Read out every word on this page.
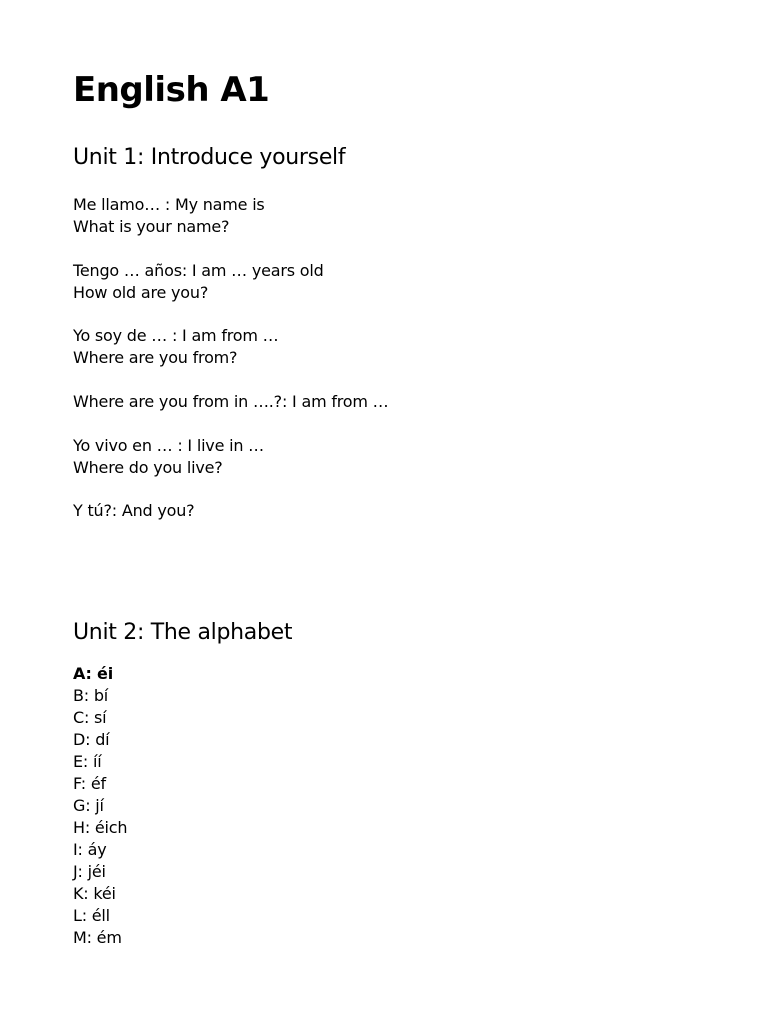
English A1
Unit 1: Introduce yourself
Me llamo… : My name is
What is your name?
Tengo … años: I am … years old
How old are you?
Yo soy de … : I am from …
Where are you from?
Where are you from in ….?: I am from …
Yo vivo en … : I live in …
Where do you live?
Y tú?: And you?
Unit 2: The alphabet
A: éi
B: bí
C: sí
D: dí
E: íí
F: éf
G: jí
H: éich
I: áy
J: jéi
K: kéi
L: éll
M: ém
